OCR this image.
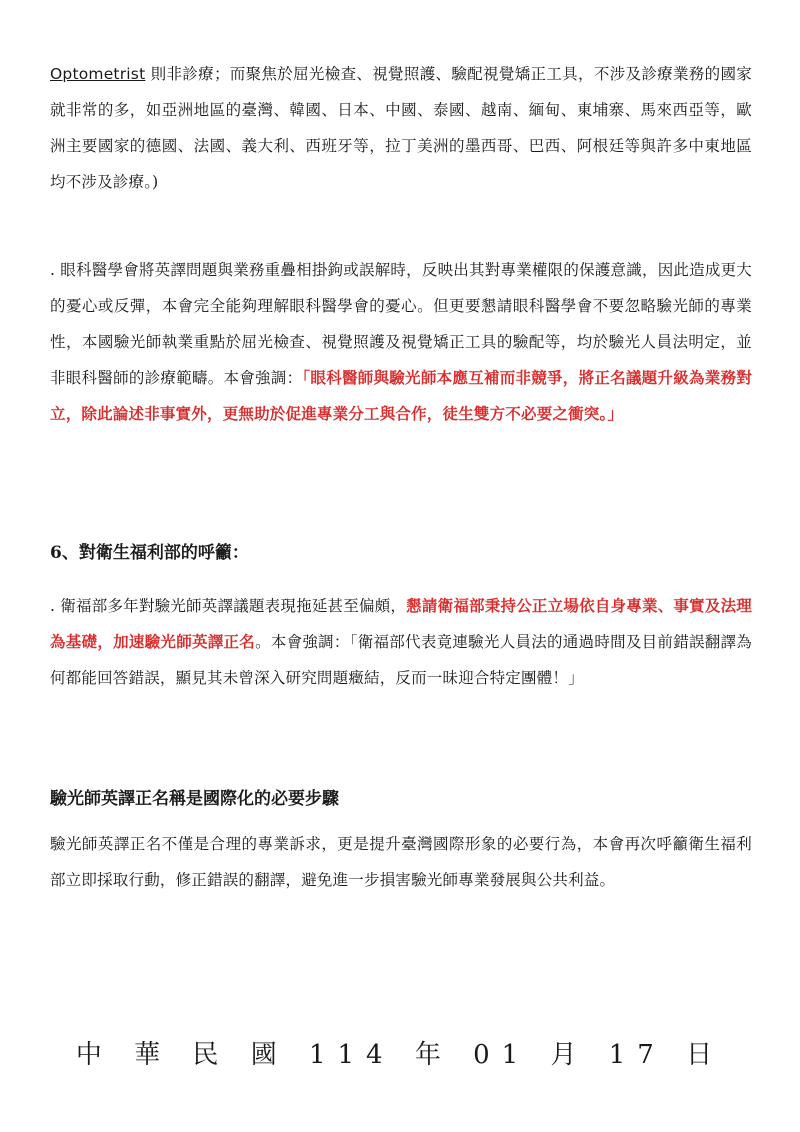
Optometrist 則非診療；而聚焦於屈光檢查、視覺照護、驗配視覺矯正工具，不涉及診療業務的國家就非常的多，如亞洲地區的臺灣、韓國、日本、中國、泰國、越南、緬甸、東埔寨、馬來西亞等，歐洲主要國家的德國、法國、義大利、西班牙等，拉丁美洲的墨西哥、巴西、阿根廷等與許多中東地區均不涉及診療。)

. 眼科醫學會將英譯問題與業務重疊相掛鉤或誤解時，反映出其對專業權限的保護意識，因此造成更大的憂心或反彈，本會完全能夠理解眼科醫學會的憂心。但更要懇請眼科醫學會不要忽略驗光師的專業性，本國驗光師執業重點於屈光檢查、視覺照護及視覺矯正工具的驗配等，均於驗光人員法明定，並非眼科醫師的診療範疇。本會強調：「眼科醫師與驗光師本應互補而非競爭，將正名議題升級為業務對立，除此論述非事實外，更無助於促進專業分工與合作，徒生雙方不必要之衝突。」

6、對衛生福利部的呼籲：

. 衛福部多年對驗光師英譯議題表現拖延甚至偏頗，懇請衛福部秉持公正立場依自身專業、事實及法理為基礎，加速驗光師英譯正名。本會強調：「衛福部代表竟連驗光人員法的通過時間及目前錯誤翻譯為何都能回答錯誤，顯見其未曾深入研究問題癥結，反而一昧迎合特定團體！」

驗光師英譯正名稱是國際化的必要步驟

驗光師英譯正名不僅是合理的專業訴求，更是提升臺灣國際形象的必要行為，本會再次呼籲衛生福利部立即採取行動，修正錯誤的翻譯，避免進一步損害驗光師專業發展與公共利益。

中 華 民 國 114 年 01 月 17 日
